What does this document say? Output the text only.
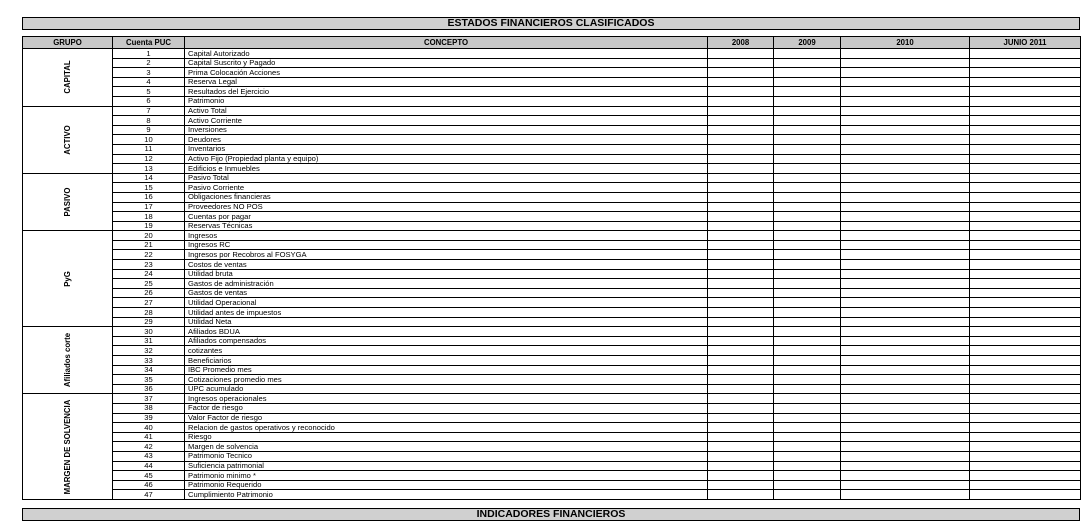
ESTADOS FINANCIEROS CLASIFICADOS
GRUPO	Cuenta PUC	CONCEPTO	2008	2009	2010	JUNIO 2011

CAPITAL	1	Capital Autorizado				
	2	Capital Suscrito y Pagado				
	3	Prima Colocación Acciones				
	4	Reserva Legal				
	5	Resultados del Ejercicio				
	6	Patrimonio				

ACTIVO	7	Activo Total				
	8	Activo Corriente				
	9	Inversiones				
	10	Deudores				
	11	Inventarios				
	12	Activo Fijo (Propiedad planta y equipo)				
	13	Edificios e Inmuebles				

PASIVO	14	Pasivo Total				
	15	Pasivo Corriente				
	16	Obligaciones financieras				
	17	Proveedores NO POS				
	18	Cuentas por pagar				
	19	Reservas Técnicas				

PyG	20	Ingresos				
	21	Ingresos RC				
	22	Ingresos por Recobros al FOSYGA				
	23	Costos de ventas				
	24	Utilidad bruta				
	25	Gastos de administración				
	26	Gastos de ventas				
	27	Utilidad Operacional				
	28	Utilidad antes de impuestos				
	29	Utilidad Neta				

Afiliados corte	30	Afiliados BDUA				
	31	Afiliados compensados				
	32	cotizantes				
	33	Beneficiarios				
	34	IBC Promedio mes				
	35	Cotizaciones promedio mes				
	36	UPC acumulado				

MARGEN DE SOLVENCIA	37	Ingresos operacionales				
	38	Factor de riesgo				
	39	Valor Factor de riesgo				
	40	Relacion de gastos operativos y reconocido				
	41	Riesgo				
	42	Margen de solvencia				
	43	Patrimonio Tecnico				
	44	Suficiencia patrimonial				
	45	Patrimonio minimo *				
	46	Patrimonio Requerido				
	47	Cumplimiento Patrimonio				
INDICADORES FINANCIEROS
